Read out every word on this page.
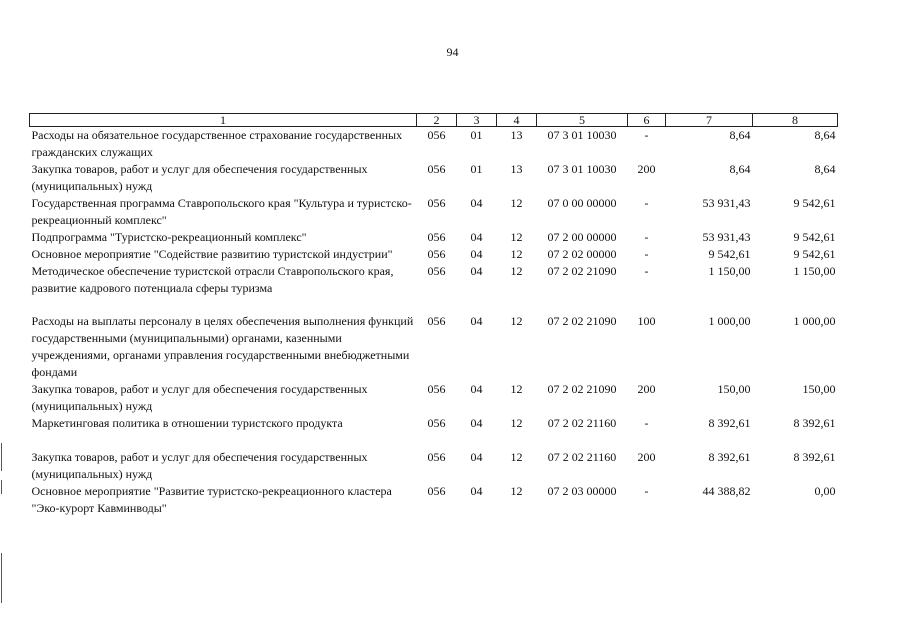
94
1	2	3	4	5	6	7	8
Расходы на обязательное государственное страхование государственных гражданских служащих	056	01	13	07 3 01 10030	-	8,64	8,64
Закупка товаров, работ и услуг для обеспечения государственных (муниципальных) нужд	056	01	13	07 3 01 10030	200	8,64	8,64
Государственная программа Ставропольского края "Культура и туристско-рекреационный комплекс"	056	04	12	07 0 00 00000	-	53 931,43	9 542,61
Подпрограмма "Туристско-рекреационный комплекс"	056	04	12	07 2 00 00000	-	53 931,43	9 542,61
Основное мероприятие "Содействие развитию туристской индустрии"	056	04	12	07 2 02 00000	-	9 542,61	9 542,61
Методическое обеспечение туристской отрасли Ставропольского края, развитие кадрового потенциала сферы туризма	056	04	12	07 2 02 21090	-	1 150,00	1 150,00
Расходы на выплаты персоналу в целях обеспечения выполнения функций государственными (муниципальными) органами, казенными учреждениями, органами управления государственными внебюджетными фондами	056	04	12	07 2 02 21090	100	1 000,00	1 000,00
Закупка товаров, работ и услуг для обеспечения государственных (муниципальных) нужд	056	04	12	07 2 02 21090	200	150,00	150,00
Маркетинговая политика в отношении туристского продукта	056	04	12	07 2 02 21160	-	8 392,61	8 392,61
Закупка товаров, работ и услуг для обеспечения государственных (муниципальных) нужд	056	04	12	07 2 02 21160	200	8 392,61	8 392,61
Основное мероприятие "Развитие туристско-рекреационного кластера "Эко-курорт Кавминводы"	056	04	12	07 2 03 00000	-	44 388,82	0,00
